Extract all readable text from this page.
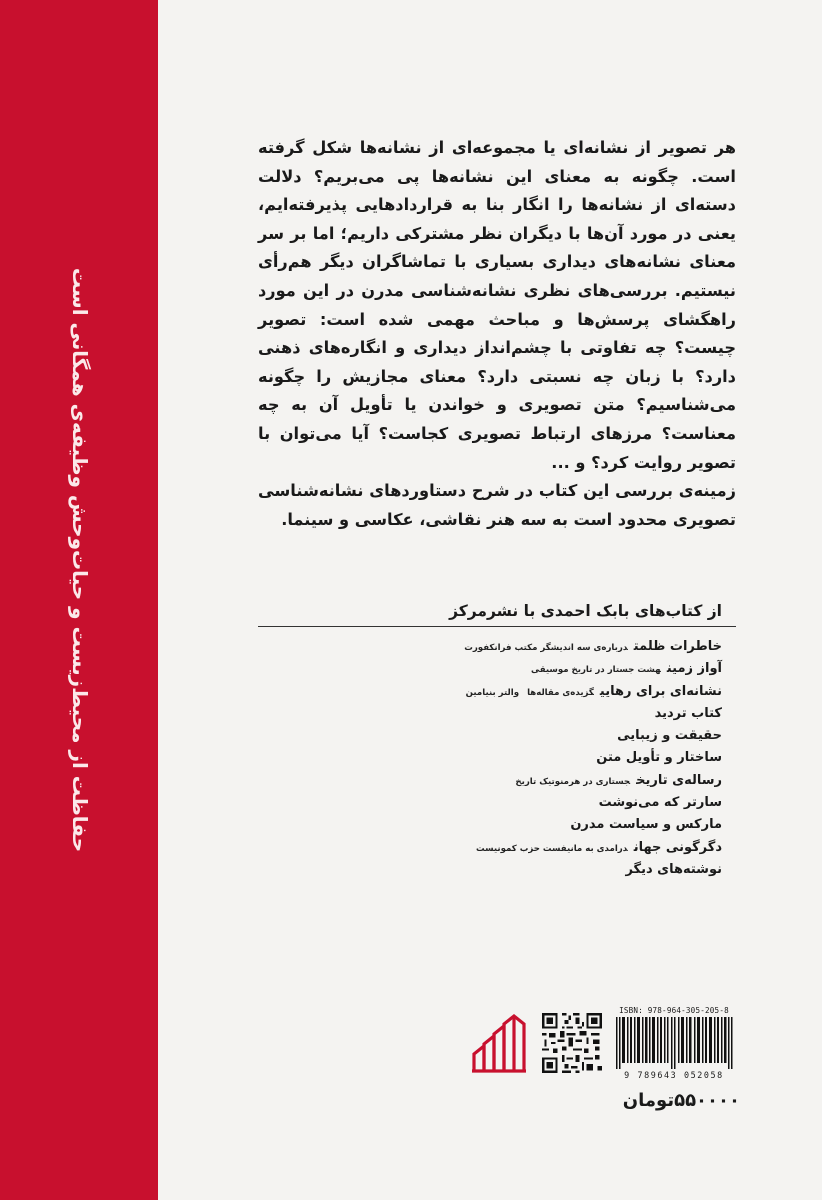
حفاظت از محیط‌زیست و حیات‌وحش وظیفه‌ی همگانی است

هر تصویر از نشانه‌ای یا مجموعه‌ای از نشانه‌ها شکل گرفته است. چگونه به معنای این نشانه‌ها پی می‌بریم؟ دلالت دسته‌ای از نشانه‌ها را انگار بنا به قراردادهایی پذیرفته‌ایم، یعنی در مورد آن‌ها با دیگران نظر مشترکی داریم؛ اما بر سر معنای نشانه‌های دیداری بسیاری با تماشاگران دیگر هم‌رأی نیستیم. بررسی‌های نظری نشانه‌شناسی مدرن در این مورد راهگشای پرسش‌ها و مباحث مهمی شده است: تصویر چیست؟ چه تفاوتی با چشم‌انداز دیداری و انگاره‌های ذهنی دارد؟ با زبان چه نسبتی دارد؟ معنای مجازیش را چگونه می‌شناسیم؟ متن تصویری و خواندن یا تأویل آن به چه معناست؟ مرزهای ارتباط تصویری کجاست؟ آیا می‌توان با تصویر روایت کرد؟ و ...

زمینه‌ی بررسی این کتاب در شرح دستاوردهای نشانه‌شناسی تصویری محدود است به سه هنر نقاشی، عکاسی و سینما.

از کتاب‌های بابک احمدی با نشرمرکز
خاطرات ظلمتدرباره‌ی سه اندیشگر مکتب فرانکفورت
آواز زمینهشت جستار در تاریخ موسیقی
نشانه‌ای برای رهاییگزیده‌ی مقاله‌هاوالتر بنیامین
کتاب تردید
حقیقت و زیبایی
ساختار و تأویل متن
رساله‌ی تاریخجستاری در هرمنوتیک تاریخ
سارتر که می‌نوشت
مارکس و سیاست مدرن
دگرگونی جهاندرامدی به مانیفست حزب کمونیست
نوشته‌های دیگر
ISBN: 978-964-305-205-8
9 789643 052058
۵۵۰۰۰۰تومان
